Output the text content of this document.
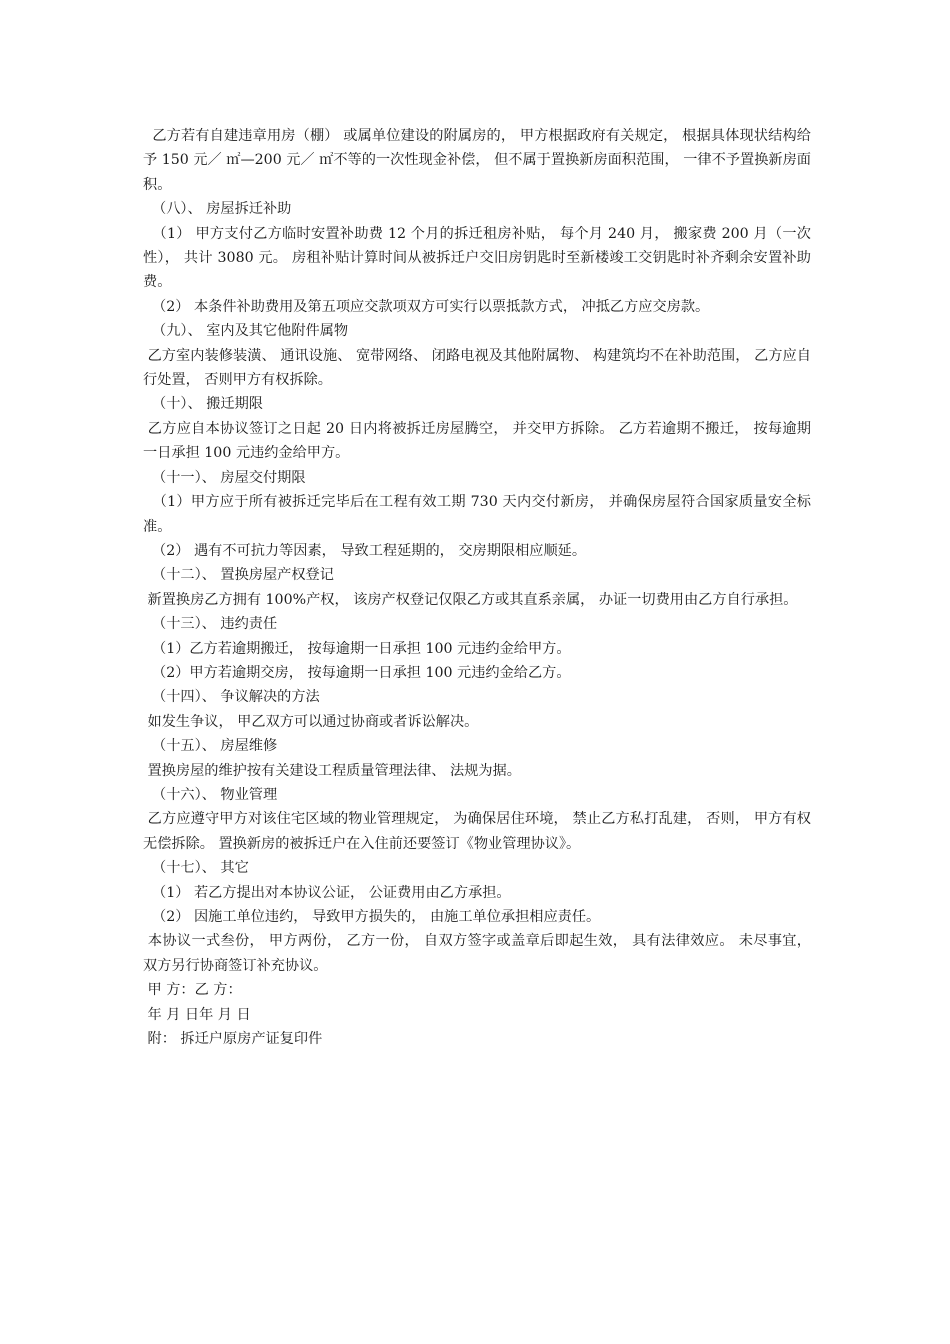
乙方若有自建违章用房（棚） 或属单位建设的附属房的， 甲方根据政府有关规定， 根据具体现状结构给予 150 元／ ㎡—200 元／ ㎡不等的一次性现金补偿， 但不属于置换新房面积范围， 一律不予置换新房面积。

（八）、 房屋拆迁补助

（1） 甲方支付乙方临时安置补助费 12 个月的拆迁租房补贴， 每个月 240 月， 搬家费 200 月（一次性）， 共计 3080 元。 房租补贴计算时间从被拆迁户交旧房钥匙时至新楼竣工交钥匙时补齐剩余安置补助费。

（2） 本条件补助费用及第五项应交款项双方可实行以票抵款方式， 冲抵乙方应交房款。

（九）、 室内及其它他附件属物

乙方室内装修装潢、 通讯设施、 宽带网络、 闭路电视及其他附属物、 构建筑均不在补助范围， 乙方应自行处置， 否则甲方有权拆除。

（十）、 搬迁期限

乙方应自本协议签订之日起 20 日内将被拆迁房屋腾空， 并交甲方拆除。 乙方若逾期不搬迁， 按每逾期一日承担 100 元违约金给甲方。

（十一）、 房屋交付期限

（1）甲方应于所有被拆迁完毕后在工程有效工期 730 天内交付新房， 并确保房屋符合国家质量安全标准。

（2） 遇有不可抗力等因素， 导致工程延期的， 交房期限相应顺延。

（十二）、 置换房屋产权登记

新置换房乙方拥有 100%产权， 该房产权登记仅限乙方或其直系亲属， 办证一切费用由乙方自行承担。

（十三）、 违约责任

（1）乙方若逾期搬迁， 按每逾期一日承担 100 元违约金给甲方。

（2）甲方若逾期交房， 按每逾期一日承担 100 元违约金给乙方。

（十四）、 争议解决的方法

如发生争议， 甲乙双方可以通过协商或者诉讼解决。

（十五）、 房屋维修

置换房屋的维护按有关建设工程质量管理法律、 法规为据。

（十六）、 物业管理

乙方应遵守甲方对该住宅区域的物业管理规定， 为确保居住环境， 禁止乙方私打乱建， 否则， 甲方有权无偿拆除。 置换新房的被拆迁户在入住前还要签订《物业管理协议》。

（十七）、 其它

（1） 若乙方提出对本协议公证， 公证费用由乙方承担。

（2） 因施工单位违约， 导致甲方损失的， 由施工单位承担相应责任。

本协议一式叁份， 甲方两份， 乙方一份， 自双方签字或盖章后即起生效， 具有法律效应。 未尽事宜， 双方另行协商签订补充协议。

甲 方：乙 方：

年 月 日年 月 日

附： 拆迁户原房产证复印件
